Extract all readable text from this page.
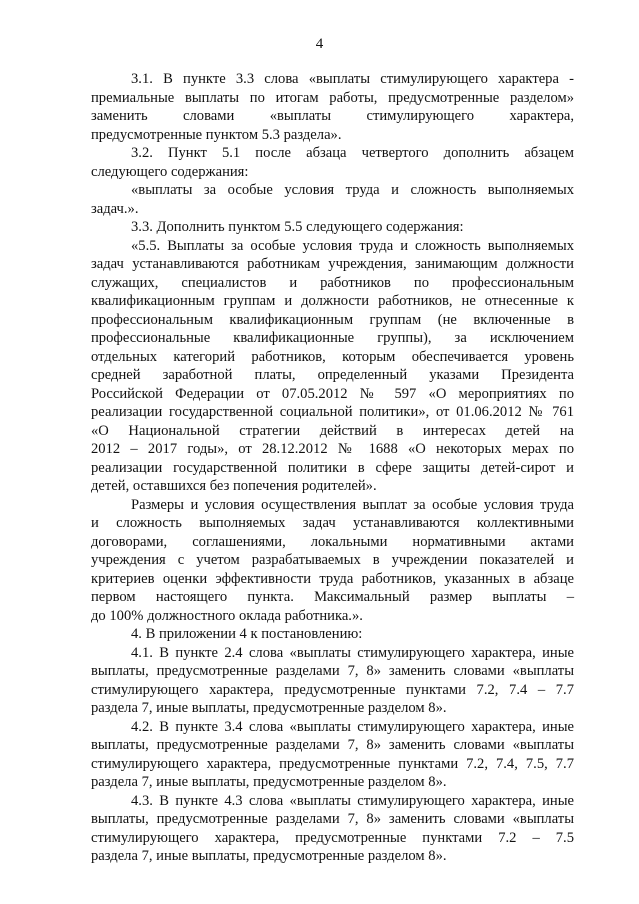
4

3.1. В пункте 3.3 слова «выплаты стимулирующего характера -
премиальные выплаты по итогам работы, предусмотренные разделом»
заменить словами «выплаты стимулирующего характера,
предусмотренные пунктом 5.3 раздела».

3.2. Пункт 5.1 после абзаца четвертого дополнить абзацем
следующего содержания:

«выплаты за особые условия труда и сложность выполняемых
задач.».

3.3. Дополнить пунктом 5.5 следующего содержания:

«5.5. Выплаты за особые условия труда и сложность выполняемых
задач устанавливаются работникам учреждения, занимающим должности
служащих, специалистов и работников по профессиональным
квалификационным группам и должности работников, не отнесенные к
профессиональным квалификационным группам (не включенные в
профессиональные квалификационные группы), за исключением
отдельных категорий работников, которым обеспечивается уровень
средней заработной платы, определенный указами Президента
Российской Федерации от 07.05.2012 № 597 «О мероприятиях по
реализации государственной социальной политики», от 01.06.2012 № 761
«О Национальной стратегии действий в интересах детей на
2012 – 2017 годы», от 28.12.2012 № 1688 «О некоторых мерах по
реализации государственной политики в сфере защиты детей-сирот и
детей, оставшихся без попечения родителей».

Размеры и условия осуществления выплат за особые условия труда
и сложность выполняемых задач устанавливаются коллективными
договорами, соглашениями, локальными нормативными актами
учреждения с учетом разрабатываемых в учреждении показателей и
критериев оценки эффективности труда работников, указанных в абзаце
первом настоящего пункта. Максимальный размер выплаты –
до 100% должностного оклада работника.».

4. В приложении 4 к постановлению:

4.1. В пункте 2.4 слова «выплаты стимулирующего характера, иные
выплаты, предусмотренные разделами 7, 8» заменить словами «выплаты
стимулирующего характера, предусмотренные пунктами 7.2, 7.4 – 7.7
раздела 7, иные выплаты, предусмотренные разделом 8».

4.2. В пункте 3.4 слова «выплаты стимулирующего характера, иные
выплаты, предусмотренные разделами 7, 8» заменить словами «выплаты
стимулирующего характера, предусмотренные пунктами 7.2, 7.4, 7.5, 7.7
раздела 7, иные выплаты, предусмотренные разделом 8».

4.3. В пункте 4.3 слова «выплаты стимулирующего характера, иные
выплаты, предусмотренные разделами 7, 8» заменить словами «выплаты
стимулирующего характера, предусмотренные пунктами 7.2 – 7.5
раздела 7, иные выплаты, предусмотренные разделом 8».
